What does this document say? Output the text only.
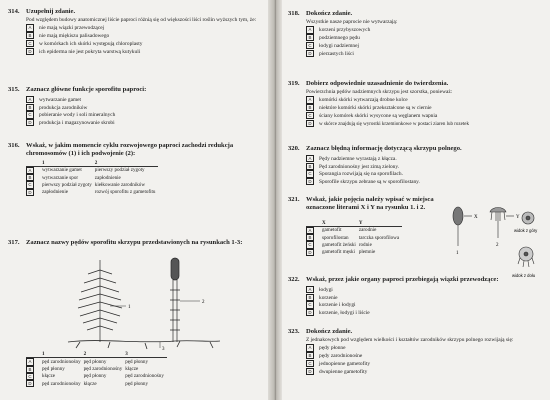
314. Uzupełnij zdanie.
Pod względem budowy anatomicznej liście paproci różnią się od większości liści roślin wyższych tym, że:
A nie mają wiązki przewodzącej
B nie mają miękiszu palisadowego
C w komórkach ich skórki występują chloroplasty
D ich epiderma nie jest pokryta warstwą kutykuli
315. Zaznacz główne funkcje sporofitu paproci:
A wytwarzanie gamet
B produkcja zarodników
C pobieranie wody i soli mineralnych
D produkcja i magazynowanie skrobi
316. Wskaż, w jakim momencie cyklu rozwojowego paproci zachodzi redukcja chromosomów (1) i ich podwojenie (2):
	1	2
A	wytwarzanie gamet	pierwszy podział zygoty
B	wytwarzanie spor	zapłodnienie
C	pierwszy podział zygoty	kiełkowanie zarodników
D	zapłodnienie	rozwój sporofitu z gametofitu
317. Zaznacz nazwy pędów sporofitu skrzypu przedstawionych na rysunkach 1-3:
1
2
3
	1	2	3
A	pęd zarodnionośny	pęd płonny	pęd płonny
B	pęd płonny	pęd zarodnionośny	kłącze
C	kłącze	pęd płonny	pęd zarodnionośny
D	pęd zarodnionośny	kłącze	pęd płonny
318. Dokończ zdanie.
Wszystkie nasze paprocie nie wytwarzają:
A korzeni przybyszowych
B podziemnego pędu
C łodygi nadziemnej
D pierzastych liści
319. Dobierz odpowiednie uzasadnienie do twierdzenia.
Powierzchnia pędów nadziemnych skrzypu jest szorstka, ponieważ:
A komórki skórki wytwarzają drobne kolce
B niektóre komórki skórki przekształcone są w ciernie
C ściany komórek skórki wysycone są węglanem wapnia
D w skórce znajdują się wyrostki krzemionkowe w postaci ziaren lub rozetek
320. Zaznacz błędną informację dotyczącą skrzypu polnego.
A Pędy nadziemne wyrastają z kłącza.
B Pęd zarodnionośny jest zimą zielony.
C Sporangia rozwijają się na sporofilach.
D Sporofile skrzypu zebrane są w sporofilostany.
321. Wskaż, jakie pojęcia należy wpisać w miejsca oznaczone literami X i Y na rysunku 1. i 2.
	X	Y
A	gametofit	zarodnie
B	sporofilostan	tarczka sporofilowa
C	gametofit żeński	rodnie
D	gametofit męski	plemnie
X	Y
1
2
widok z góry
widok z dołu
322. Wskaż, przez jakie organy paproci przebiegają wiązki przewodzące:
A łodygi
B korzenie
C korzenie i łodygi
D korzenie, łodygi i liście
323. Dokończ zdanie.
Z jednakowych pod względem wielkości i kształtów zarodników skrzypu polnego rozwijają się:
A pędy płonne
B pędy zarodnionośne
C jednopienne gametofity
D dwupienne gametofity
